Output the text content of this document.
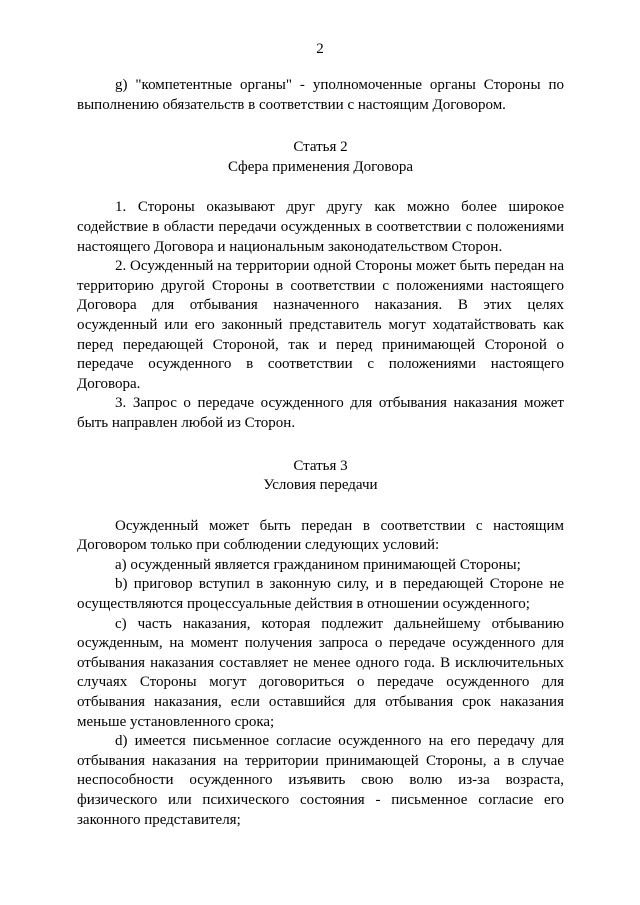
2

g) "компетентные органы" - уполномоченные органы Стороны по выполнению обязательств в соответствии с настоящим Договором.

Статья 2

Сфера применения Договора

1. Стороны оказывают друг другу как можно более широкое содействие в области передачи осужденных в соответствии с положениями настоящего Договора и национальным законодательством Сторон.

2. Осужденный на территории одной Стороны может быть передан на территорию другой Стороны в соответствии с положениями настоящего Договора для отбывания назначенного наказания. В этих целях осужденный или его законный представитель могут ходатайствовать как перед передающей Стороной, так и перед принимающей Стороной о передаче осужденного в соответствии с положениями настоящего Договора.

3. Запрос о передаче осужденного для отбывания наказания может быть направлен любой из Сторон.

Статья 3

Условия передачи

Осужденный может быть передан в соответствии с настоящим Договором только при соблюдении следующих условий:

a) осужденный является гражданином принимающей Стороны;

b) приговор вступил в законную силу, и в передающей Стороне не осуществляются процессуальные действия в отношении осужденного;

c) часть наказания, которая подлежит дальнейшему отбыванию осужденным, на момент получения запроса о передаче осужденного для отбывания наказания составляет не менее одного года. В исключительных случаях Стороны могут договориться о передаче осужденного для отбывания наказания, если оставшийся для отбывания срок наказания меньше установленного срока;

d) имеется письменное согласие осужденного на его передачу для отбывания наказания на территории принимающей Стороны, а в случае неспособности осужденного изъявить свою волю из-за возраста, физического или психического состояния - письменное согласие его законного представителя;
